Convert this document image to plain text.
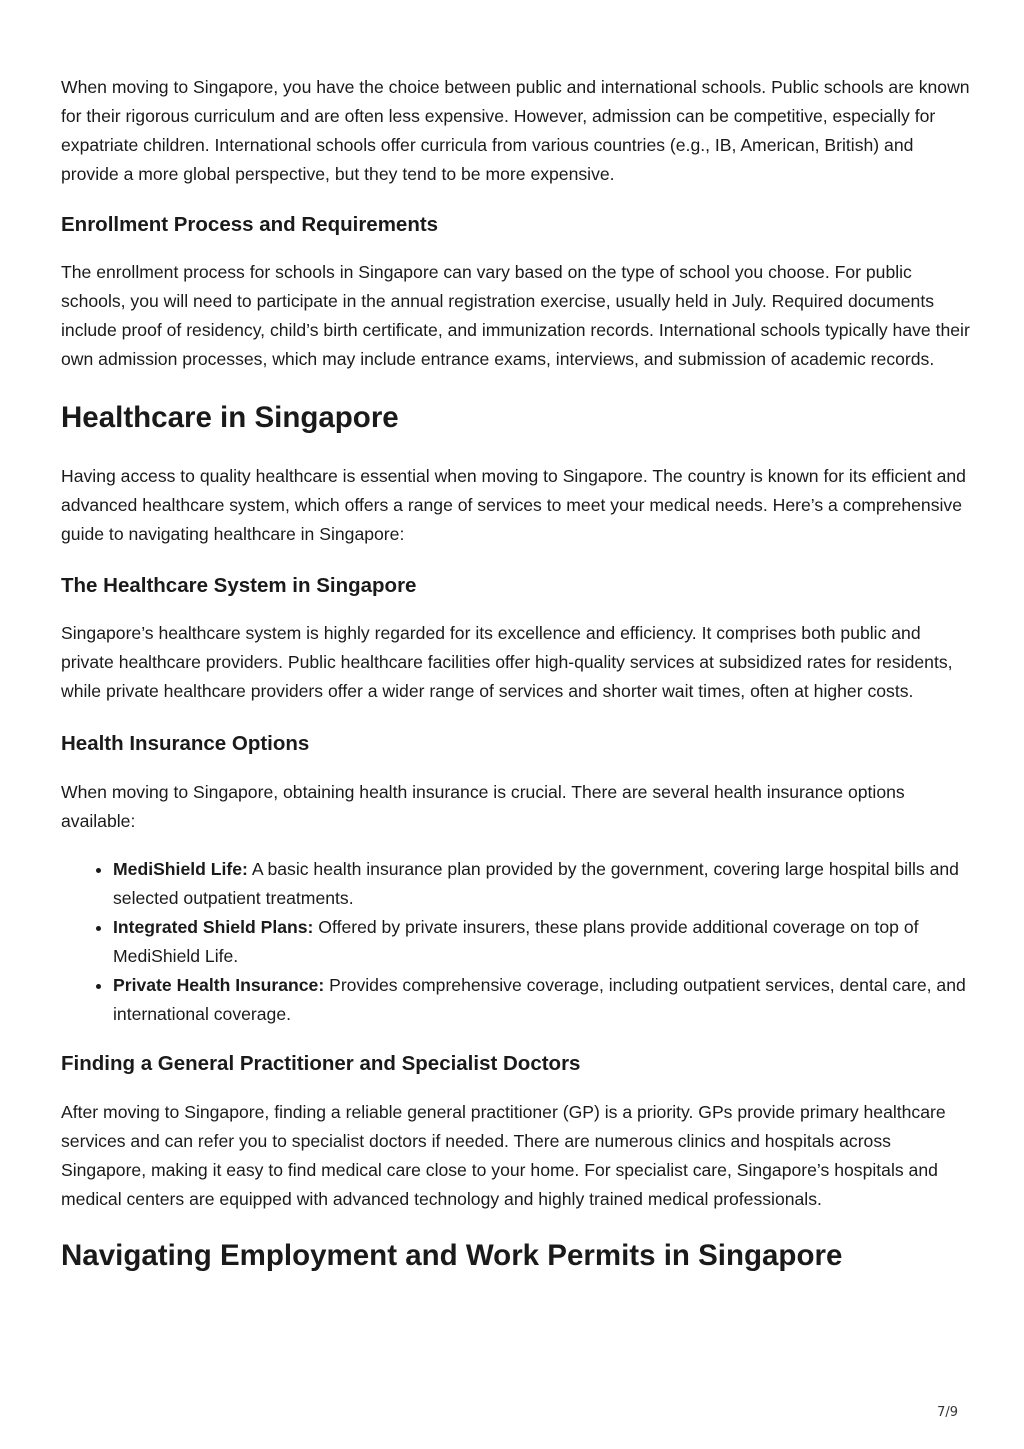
When moving to Singapore, you have the choice between public and international schools. Public schools are known for their rigorous curriculum and are often less expensive. However, admission can be competitive, especially for expatriate children. International schools offer curricula from various countries (e.g., IB, American, British) and provide a more global perspective, but they tend to be more expensive.

Enrollment Process and Requirements

The enrollment process for schools in Singapore can vary based on the type of school you choose. For public schools, you will need to participate in the annual registration exercise, usually held in July. Required documents include proof of residency, child’s birth certificate, and immunization records. International schools typically have their own admission processes, which may include entrance exams, interviews, and submission of academic records.

Healthcare in Singapore

Having access to quality healthcare is essential when moving to Singapore. The country is known for its efficient and advanced healthcare system, which offers a range of services to meet your medical needs. Here’s a comprehensive guide to navigating healthcare in Singapore:

The Healthcare System in Singapore

Singapore’s healthcare system is highly regarded for its excellence and efficiency. It comprises both public and private healthcare providers. Public healthcare facilities offer high-quality services at subsidized rates for residents, while private healthcare providers offer a wider range of services and shorter wait times, often at higher costs.

Health Insurance Options

When moving to Singapore, obtaining health insurance is crucial. There are several health insurance options available:

• MediShield Life: A basic health insurance plan provided by the government, covering large hospital bills and selected outpatient treatments.
• Integrated Shield Plans: Offered by private insurers, these plans provide additional coverage on top of MediShield Life.
• Private Health Insurance: Provides comprehensive coverage, including outpatient services, dental care, and international coverage.
Finding a General Practitioner and Specialist Doctors

After moving to Singapore, finding a reliable general practitioner (GP) is a priority. GPs provide primary healthcare services and can refer you to specialist doctors if needed. There are numerous clinics and hospitals across Singapore, making it easy to find medical care close to your home. For specialist care, Singapore’s hospitals and medical centers are equipped with advanced technology and highly trained medical professionals.

Navigating Employment and Work Permits in Singapore
7/9
